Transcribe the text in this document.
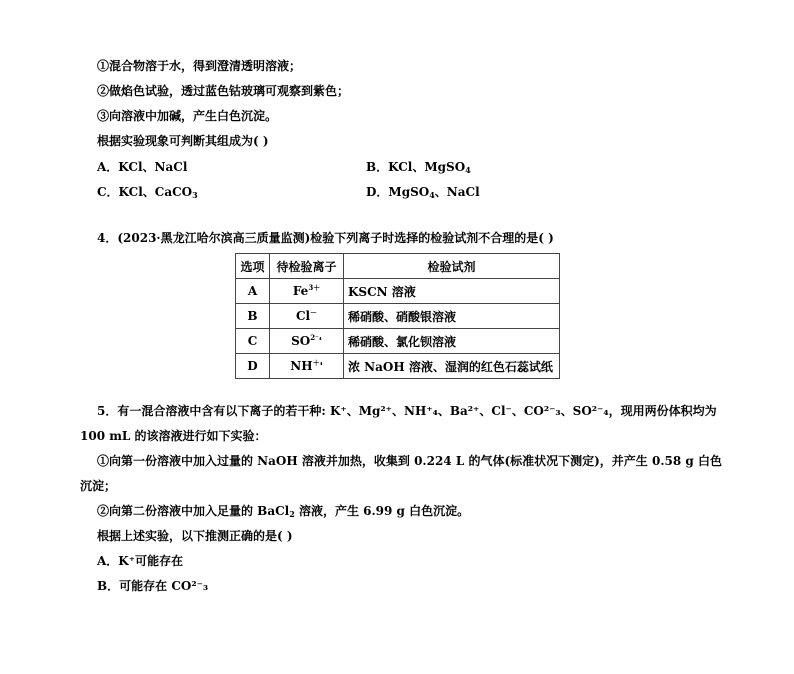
①混合物溶于水，得到澄清透明溶液；
②做焰色试验，透过蓝色钴玻璃可观察到紫色；
③向溶液中加碱，产生白色沉淀。
根据实验现象可判断其组成为( )
A．KCl、NaCl	B．KCl、MgSO$_4$
C．KCl、CaCO$_3$	D．MgSO$_4$、NaCl
4．(2023·黑龙江哈尔滨高三质量监测)检验下列离子时选择的检验试剂不合理的是( )
选项	待检验离子	检验试剂
A	$Fe^{3+}$	KSCN 溶液
B	Cl－	稀硝酸、硝酸银溶液
C	$SO^{2^-_4}$	稀硝酸、氯化钡溶液
D	$NH^{+_4}$	浓 NaOH 溶液、湿润的红色石蕊试纸
5．有一混合溶液中含有以下离子的若干种: K⁺、Mg²⁺、NH⁺₄、Ba²⁺、Cl⁻、CO²⁻₃、SO²⁻₄，现用两份体积均为
100 mL 的该溶液进行如下实验：
①向第一份溶液中加入过量的 NaOH 溶液并加热，收集到 0.224 L 的气体(标准状况下测定)，并产生 0.58 g 白色
沉淀；
②向第二份溶液中加入足量的 BaCl$_2$ 溶液，产生 6.99 g 白色沉淀。
根据上述实验，以下推测正确的是( )
A．K⁺可能存在
B．可能存在 CO²⁻₃
